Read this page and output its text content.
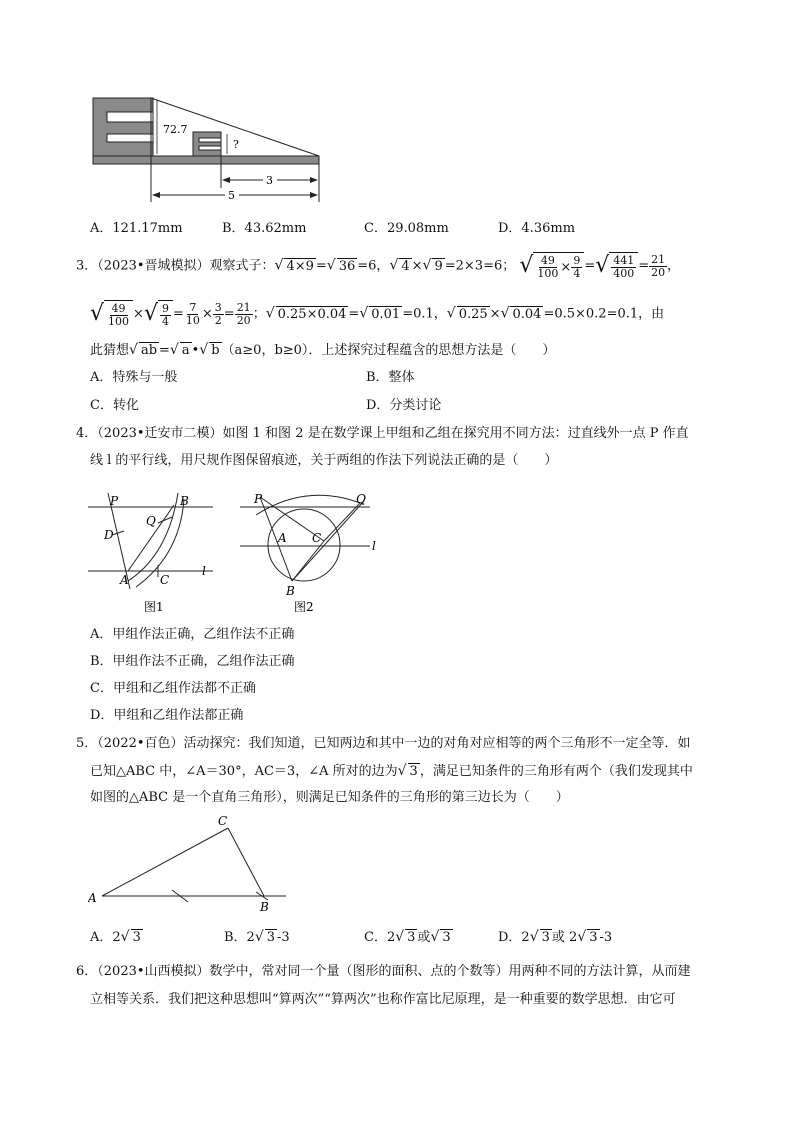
72.7
?
3
5
A．121.17mm	B．43.62mm	C．29.08mm	D．4.36mm
3．（2023•晋城模拟）观察式子：√ 4×9 =√ 36 =6，√ 4 ×√ 9 =2×3=6； √ $\frac{49}{100} \times \frac{9}{4}$ = √ $\frac{441}{400} = \frac{21}{20}$ ，
√ $\frac{49}{100}$ × √ $\frac{9}{4} = \frac{7}{10} \times \frac{3}{2} = \frac{21}{20}$ ；√ 0.25×0.04 =√ 0.01 =0.1，√ 0.25 ×√ 0.04 =0.5×0.2=0.1，由
此猜想√ ab =√ a •√ b （a≥0，b≥0）．上述探究过程蕴含的思想方法是（　　）
A．特殊与一般	B．整体
C．转化	D．分类讨论
4．（2023•迁安市二模）如图 1 和图 2 是在数学课上甲组和乙组在探究用不同方法：过直线外一点 P 作直
线 l 的平行线，用尺规作图保留痕迹，关于两组的作法下列说法正确的是（　　）
P	B
Q
D
A	C
l
图1
P	Q
A C
B
l
图2
A．甲组作法正确，乙组作法不正确
B．甲组作法不正确，乙组作法正确
C．甲组和乙组作法都不正确
D．甲组和乙组作法都正确
5．（2022•百色）活动探究：我们知道，已知两边和其中一边的对角对应相等的两个三角形不一定全等．如
已知△ABC 中，∠A＝30°，AC＝3，∠A 所对的边为√ 3 ，满足已知条件的三角形有两个（我们发现其中
如图的△ABC 是一个直角三角形），则满足已知条件的三角形的第三边长为（　　）
A
B
C
A．2√ 3	B．2√ 3 -3	C．2√ 3 或√ 3	D．2√ 3 或 2√ 3 -3
6．（2023•山西模拟）数学中，常对同一个量（图形的面积、点的个数等）用两种不同的方法计算，从而建
立相等关系．我们把这种思想叫“算两次”“算两次”也称作富比尼原理，是一种重要的数学思想．由它可
